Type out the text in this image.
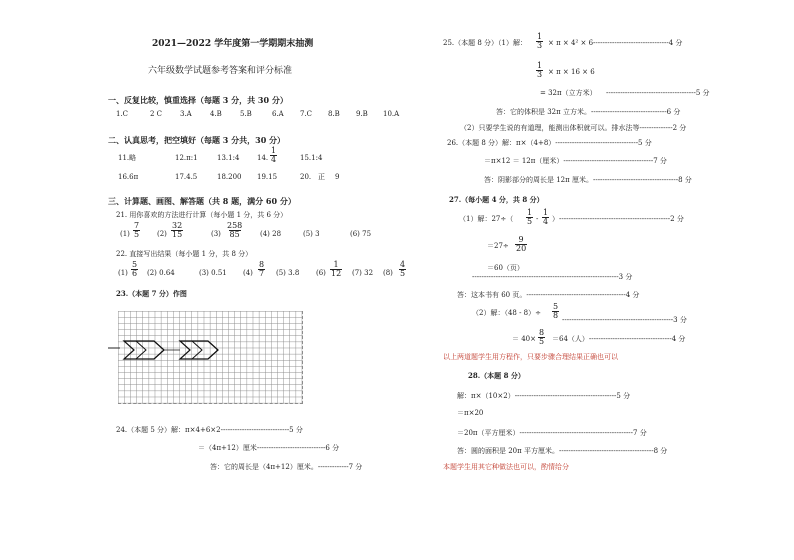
2021—2022 学年度第一学期期末抽测
六年级数学试题参考答案和评分标准
一、反复比较，慎重选择（每题 3 分，共 30 分）
1.C	2 C	3.A	4.B	5.B	6.A 7.C 8.B 9.B 10.A
二、认真思考，把空填好（每题 3 分共，30 分）
11.略	12.π:1	13.1:4	14. $\frac{1}{4}$	15.1:4
16.6π	17.4.5	18.200 19.15	20. 正 9
三、计算题、画图、解答题（共 8 题，满分 60 分）
21. 用你喜欢的方法进行计算（每小题 1 分，共 6 分）
$(1) \frac{7}{5} (2) \frac{32}{15}$	$(3) \frac{258}{85} (4)$ 28	(5) 3	(6) 75
22. 直接写出结果（每小题 1 分，共 8 分）
$(1) \frac{5}{6} (2)$ 0.64	(3) 0.51 $(4) \frac{8}{7} (5)$ 3.8 $(6) \frac{1}{12} (7)$ 32 $(8) \frac{4}{5}$
23.（本题 7 分）作图
24.（本题 5 分）解：π×4+6×2-----------------------------5 分
＝（4π+12）厘米-----------------------------6 分
答：它的周长是（4π+12）厘米。-------------7 分
25.（本题 8 分）（1）解： $\frac{1}{3} \times \pi \times 4^2 \times 6--------------------------------4$ 分
$\frac{1}{3} \times \pi \times 16 \times 6$
= 32π（立方米） --------------------------------------5 分
答：它的体积是 32π 立方米。--------------------------------6 分
（2）只要学生说的有道理，能测出体积就可以。排水法等--------------2 分
26.（本题 8 分）解：π×（4+8）-----------------------------------5 分
＝π×12 ＝ 12π（厘米）--------------------------------------7 分
答：阴影部分的周长是 12π 厘米。------------------------------------8 分
27.（每小题 4 分，共 8 分）
（1）解：$27\div( \frac{1}{5} - \frac{1}{4} )-----------------------------------------------2$ 分
$=27\div \frac{9}{20}$
＝60（页）
--------------------------------------------------------------3 分
答：这本书有 60 页。------------------------------------------4 分
（2）解：$(48 - 8)\div \frac{5}{8} -----------------------------------------------3$ 分
＝ $40\times \frac{8}{5} =64$（人）-----------------------------------4 分
以上两道题学生用方程作，只要步骤合理结果正确也可以
28.（本题 8 分）
解：π×（10×2）-------------------------------------------5 分
＝π×20
＝20π（平方厘米）------------------------------------------------7 分
答：圆的面积是 20π 平方厘米。----------------------------------------8 分
本题学生用其它种做法也可以，酌情给分
